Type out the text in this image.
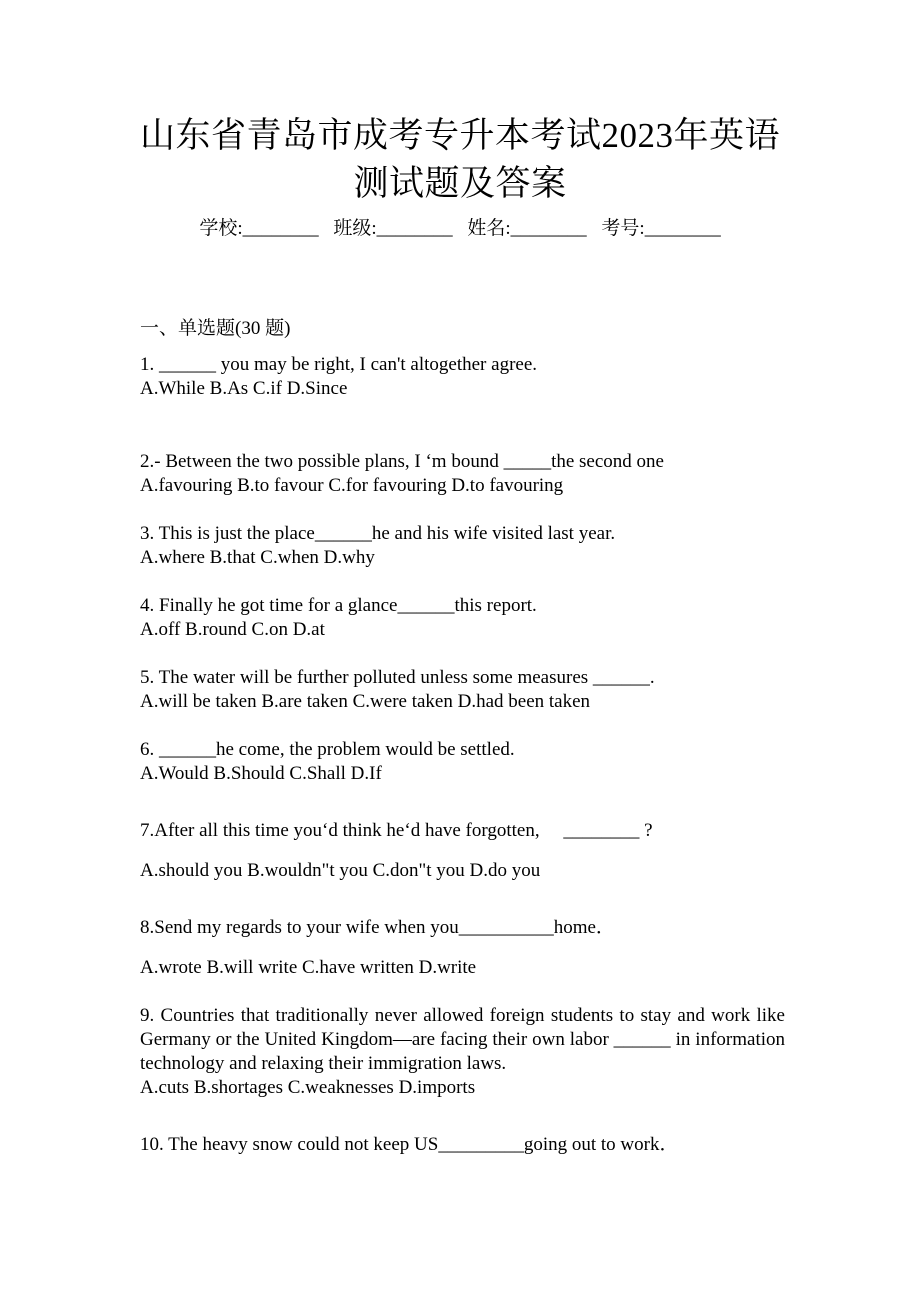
山东省青岛市成考专升本考试2023年英语
测试题及答案
学校:________ 班级:________ 姓名:________ 考号:________
一、单选题(30 题)

1. ______ you may be right, I can't altogether agree.

A.While B.As C.if D.Since

2.- Between the two possible plans, I ‘m bound _____the second one

A.favouring B.to favour C.for favouring D.to favouring

3. This is just the place______he and his wife visited last year.

A.where B.that C.when D.why

4. Finally he got time for a glance______this report.

A.off B.round C.on D.at

5. The water will be further polluted unless some measures ______.

A.will be taken B.are taken C.were taken D.had been taken

6. ______he come, the problem would be settled.

A.Would B.Should C.Shall D.If

7.After all this time you‘d think he‘d have forgotten,     ________ ?

A.should you B.wouldn"t you C.don"t you D.do you

8.Send my regards to your wife when you__________home．

A.wrote B.will write C.have written D.write

9. Countries that traditionally never allowed foreign students to stay and work like Germany or the United Kingdom—are facing their own labor ______ in information technology and relaxing their immigration laws.

A.cuts B.shortages C.weaknesses D.imports

10. The heavy snow could not keep US_________going out to work．
